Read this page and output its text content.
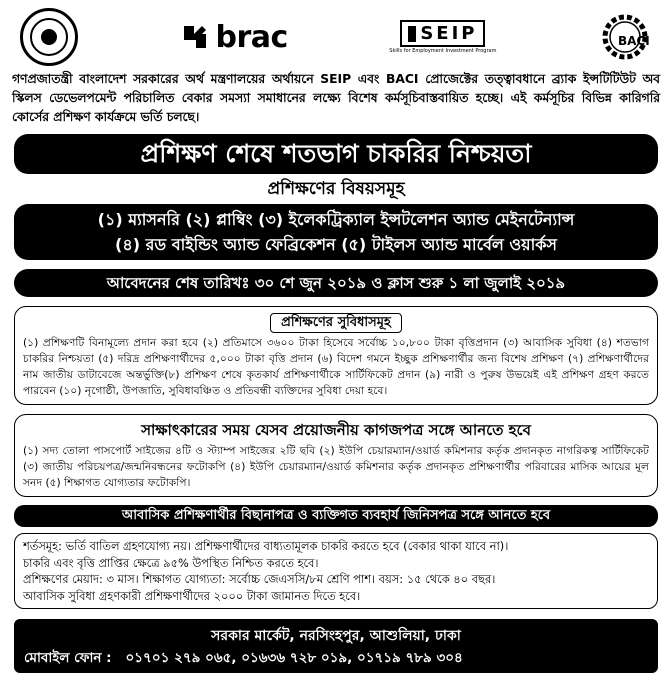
brac	SEIP
Skills for Employment Investment Program
BACI
গণপ্রজাতন্ত্রী বাংলাদেশ সরকারের অর্থ মন্ত্রণালয়ের অর্থায়নে SEIP এবং BACI প্রোজেক্টের তত্ত্বাবধানে ব্র্যাক ইন্সটিটিউট অব স্কিলস ডেভেলপমেন্ট পরিচালিত বেকার সমস্যা সমাধানের লক্ষ্যে বিশেষ কর্মসূচিবাস্তবায়িত হচ্ছে। এই কর্মসূচির বিভিন্ন কারিগরি কোর্সের প্রশিক্ষণ কার্যক্রমে ভর্তি চলছে।
প্রশিক্ষণ শেষে শতভাগ চাকরির নিশ্চয়তা
প্রশিক্ষণের বিষয়সমূহ
(১) ম্যাসনরি (২) প্লাম্বিং (৩) ইলেকট্রিক্যাল ইন্সটলেশন অ্যান্ড মেইনটেন্যান্স
(৪) রড বাইন্ডিং অ্যান্ড ফেব্রিকেশন (৫) টাইলস অ্যান্ড মার্বেল ওয়ার্কস
আবেদনের শেষ তারিখঃ ৩০ শে জুন ২০১৯ ও ক্লাস শুরু ১ লা জুলাই ২০১৯
প্রশিক্ষণের সুবিধাসমূহ
(১) প্রশিক্ষণটি বিনামূল্যে প্রদান করা হবে (২) প্রতিমাসে ৩৬০০ টাকা হিসেবে সর্বোচ্চ ১০,৮০০ টাকা বৃত্তিপ্রদান (৩) আবাসিক সুবিধা (৪) শতভাগ চাকরির নিশ্চয়তা (৫) দরিদ্র প্রশিক্ষণার্থীদের ৫,০০০ টাকা বৃত্তি প্রদান (৬) বিদেশ গমনে ইচ্ছুক প্রশিক্ষণার্থীর জন্য বিশেষ প্রশিক্ষণ (৭) প্রশিক্ষণার্থীদের নাম জাতীয় ডাটাবেজে অন্তর্ভুক্তি(৮) প্রশিক্ষণ শেষে কৃতকার্য প্রশিক্ষণার্থীকে সার্টিফিকেট প্রদান (৯) নারী ও পুরুষ উভয়েই এই প্রশিক্ষণ গ্রহণ করতে পারবেন (১০) নৃগোষ্ঠী, উপজাতি, সুবিধাবঞ্চিত ও প্রতিবন্ধী ব্যক্তিদের সুবিধা দেয়া হবে।
সাক্ষাৎকারের সময় যেসব প্রয়োজনীয় কাগজপত্র সঙ্গে আনতে হবে
(১) সদ্য তোলা পাসপোর্ট সাইজের ৪টি ও স্ট্যাম্প সাইজের ২টি ছবি (২) ইউপি চেয়ারম্যান/ওয়ার্ড কমিশনার কর্তৃক প্রদানকৃত নাগরিকত্ব সার্টিফিকেট (৩) জাতীয় পরিচয়পত্র/জন্মনিবন্ধনের ফটোকপি (৪) ইউপি চেয়ারম্যান/ওয়ার্ড কমিশনার কর্তৃক প্রদানকৃত প্রশিক্ষণার্থীর পরিবারের মাসিক আয়ের মূল সনদ (৫) শিক্ষাগত যোগ্যতার ফটোকপি।
আবাসিক প্রশিক্ষণার্থীর বিছানাপত্র ও ব্যক্তিগত ব্যবহার্য জিনিসপত্র সঙ্গে আনতে হবে
শর্তসমূহ: ভর্তি বাতিল গ্রহণযোগ্য নয়। প্রশিক্ষণার্থীদের বাধ্যতামূলক চাকরি করতে হবে (বেকার থাকা যাবে না)।
চাকরি এবং বৃত্তি প্রাপ্তির ক্ষেত্রে ৯৫% উপস্থিত নিশ্চিত করতে হবে।
প্রশিক্ষণের মেয়াদ: ৩ মাস। শিক্ষাগত যোগ্যতা: সর্বোচ্চ জেএসসি/৮ম শ্রেণি পাশ। বয়স: ১৫ থেকে ৪০ বছর।
আবাসিক সুবিধা গ্রহণকারী প্রশিক্ষণার্থীদের ২০০০ টাকা জামানত দিতে হবে।
সরকার মার্কেট, নরসিংহপুর, আশুলিয়া, ঢাকা
মোবাইল ফোন : ০১৭০১ ২৭৯ ০৬৫, ০১৬৩৬ ৭২৮ ০১৯, ০১৭১৯ ৭৮৯ ৩০৪
